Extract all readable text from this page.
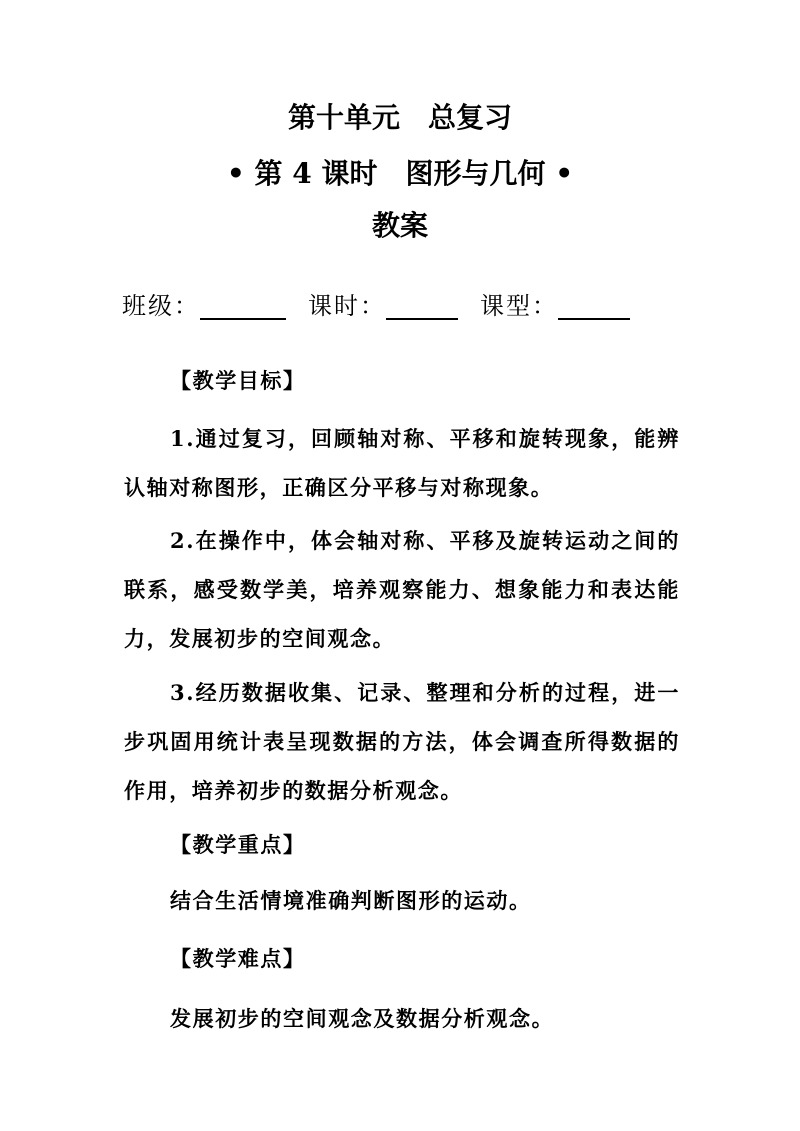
第十单元 总复习
• 第 4 课时 图形与几何 •
教案
班级：	课时：	课型：
【教学目标】
1.通过复习，回顾轴对称、平移和旋转现象，能辨认轴对称图形，正确区分平移与对称现象。
2.在操作中，体会轴对称、平移及旋转运动之间的联系，感受数学美，培养观察能力、想象能力和表达能力，发展初步的空间观念。
3.经历数据收集、记录、整理和分析的过程，进一步巩固用统计表呈现数据的方法，体会调查所得数据的作用，培养初步的数据分析观念。
【教学重点】
结合生活情境准确判断图形的运动。
【教学难点】
发展初步的空间观念及数据分析观念。
